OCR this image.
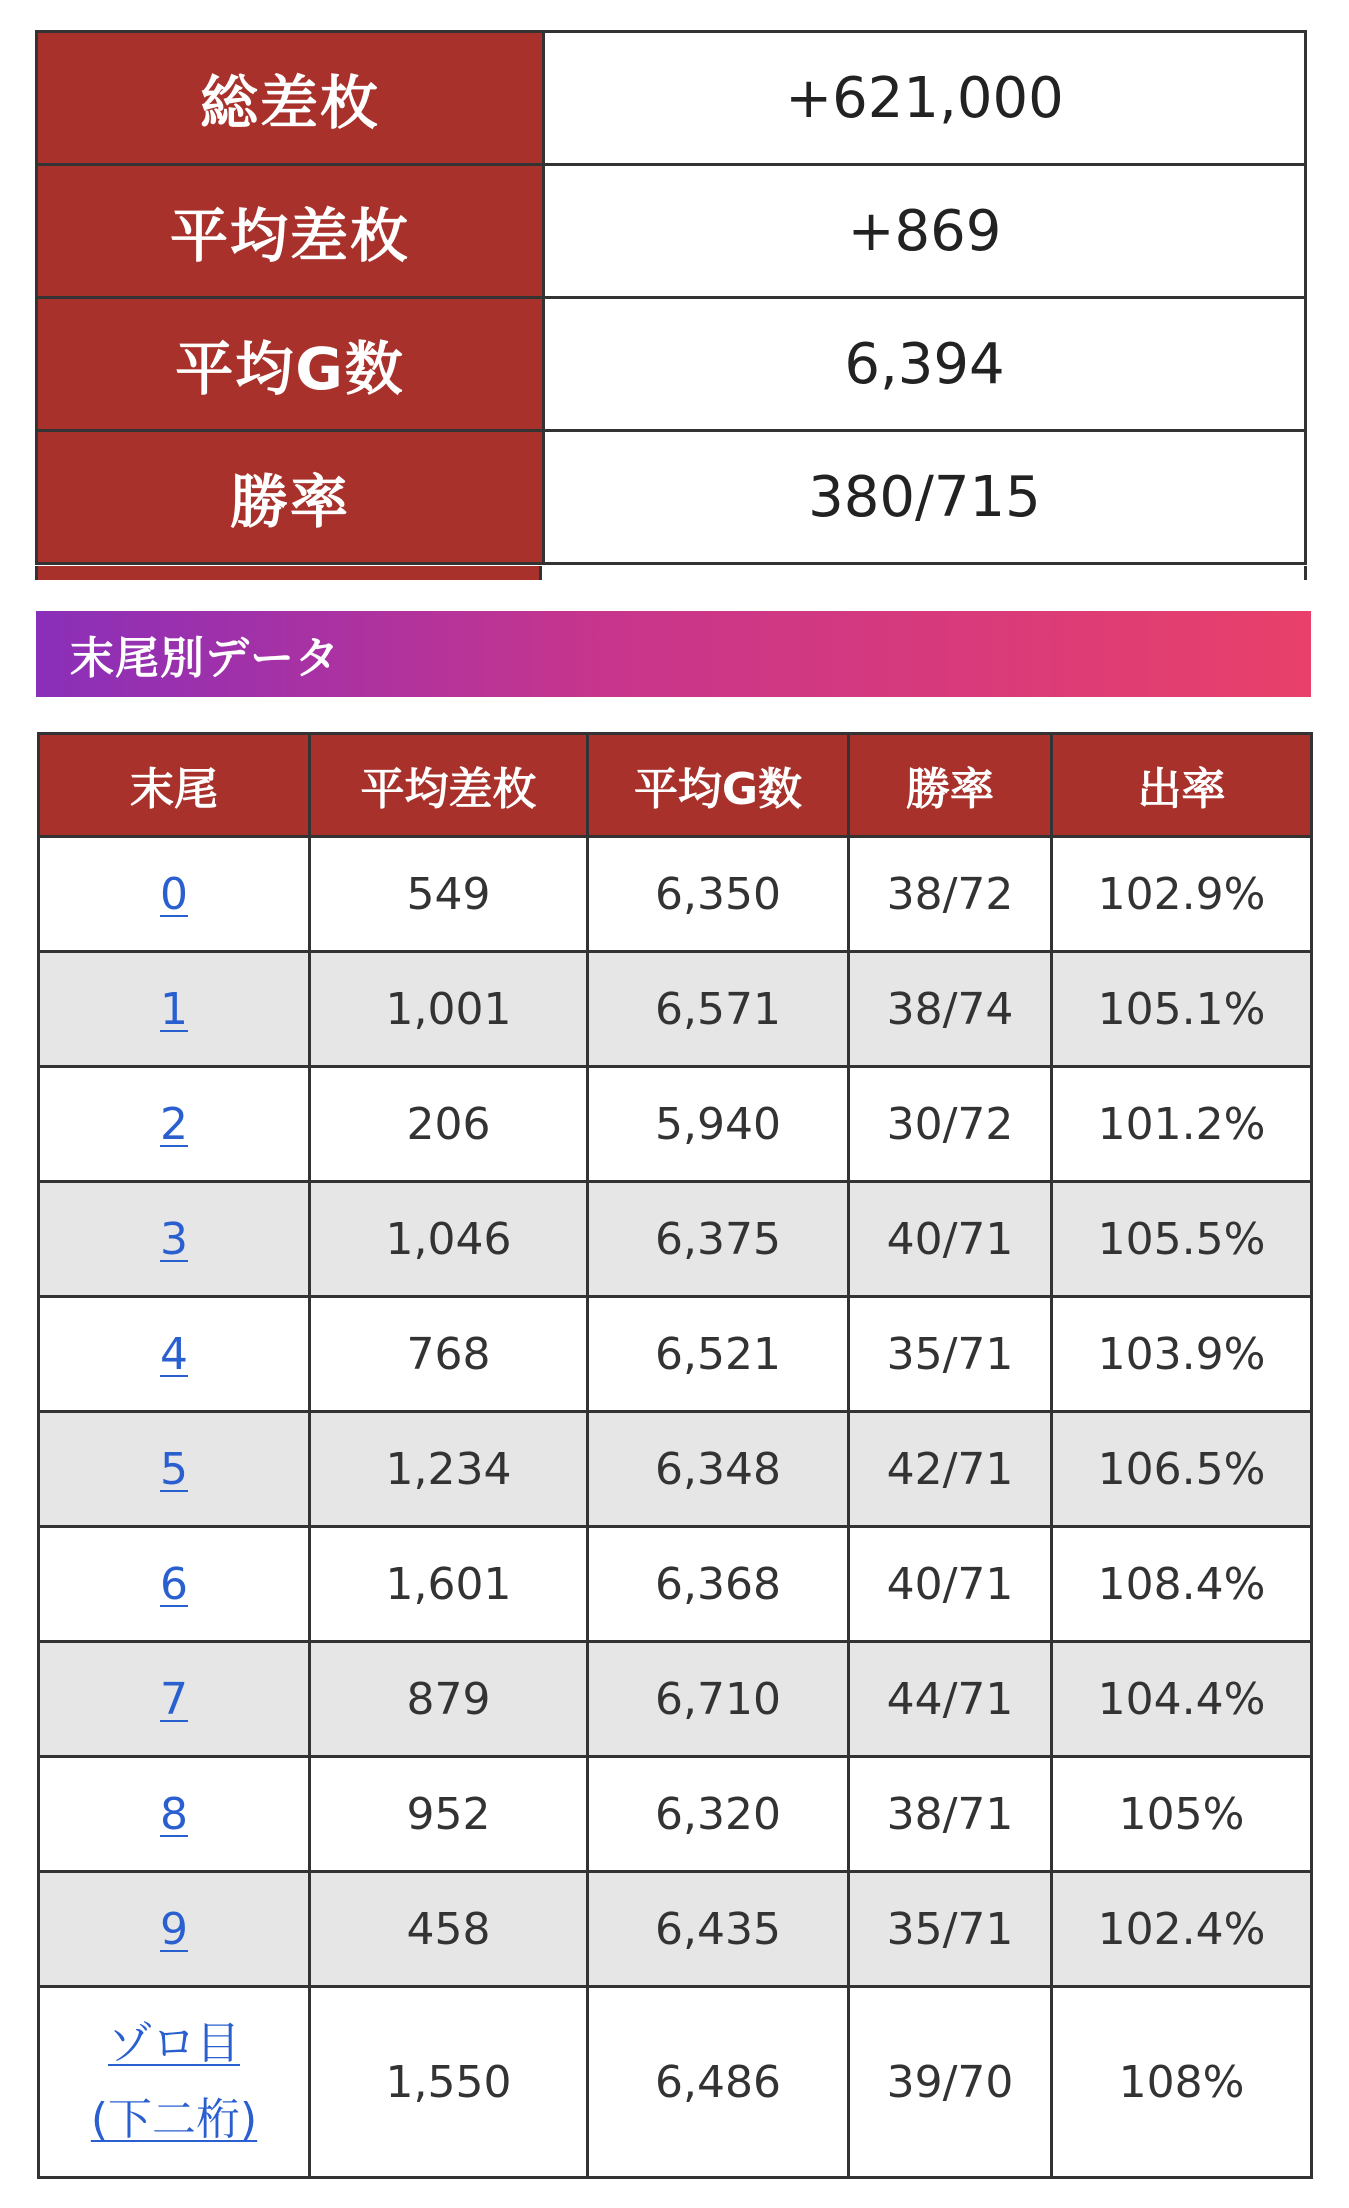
総差枚	+621,000
平均差枚	+869
平均G数	6,394
勝率	380/715
末尾別データ
末尾	平均差枚	平均G数	勝率	出率
0	549	6,350	38/72	102.9%
1	1,001	6,571	38/74	105.1%
2	206	5,940	30/72	101.2%
3	1,046	6,375	40/71	105.5%
4	768	6,521	35/71	103.9%
5	1,234	6,348	42/71	106.5%
6	1,601	6,368	40/71	108.4%
7	879	6,710	44/71	104.4%
8	952	6,320	38/71	105%
9	458	6,435	35/71	102.4%
ゾロ目
(下二桁)	1,550	6,486	39/70	108%
